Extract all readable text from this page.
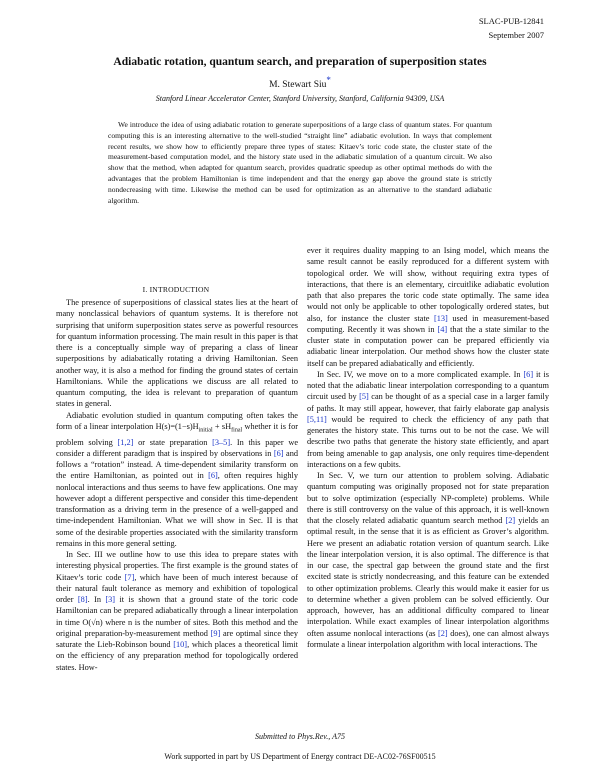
SLAC-PUB-12841
September 2007
Adiabatic rotation, quantum search, and preparation of superposition states
M. Stewart Siu*
Stanford Linear Accelerator Center, Stanford University, Stanford, California 94309, USA

We introduce the idea of using adiabatic rotation to generate superpositions of a large class of quantum states. For quantum computing this is an interesting alternative to the well-studied “straight line” adiabatic evolution. In ways that complement recent results, we show how to efficiently prepare three types of states: Kitaev’s toric code state, the cluster state of the measurement-based computation model, and the history state used in the adiabatic simulation of a quantum circuit. We also show that the method, when adapted for quantum search, provides quadratic speedup as other optimal methods do with the advantages that the problem Hamiltonian is time independent and that the energy gap above the ground state is strictly nondecreasing with time. Likewise the method can be used for optimization as an alternative to the standard adiabatic algorithm.

I. INTRODUCTION

The presence of superpositions of classical states lies at the heart of many nonclassical behaviors of quantum systems. It is therefore not surprising that uniform superposition states serve as powerful resources for quantum information processing. The main result in this paper is that there is a conceptually simple way of preparing a class of linear superpositions by adiabatically rotating a driving Hamiltonian. Seen another way, it is also a method for finding the ground states of certain Hamiltonians. While the applications we discuss are all related to quantum computing, the idea is relevant to preparation of quantum states in general.

Adiabatic evolution studied in quantum computing often takes the form of a linear interpolation $H(s)=(1-s)H_{initial} + sH_{final}$ whether it is for problem solving [1,2] or state preparation [3–5]. In this paper we consider a different paradigm that is inspired by observations in [6] and follows a “rotation” instead. A time-dependent similarity transform on the entire Hamiltonian, as pointed out in [6], often requires highly nonlocal interactions and thus seems to have few applications. One may however adopt a different perspective and consider this time-dependent transformation as a driving term in the presence of a well-gapped and time-independent Hamiltonian. What we will show in Sec. II is that some of the desirable properties associated with the similarity transform remains in this more general setting.

In Sec. III we outline how to use this idea to prepare states with interesting physical properties. The first example is the ground states of Kitaev’s toric code [7], which have been of much interest because of their natural fault tolerance as memory and exhibition of topological order [8]. In [3] it is shown that a ground state of the toric code Hamiltonian can be prepared adiabatically through a linear interpolation in time O(√n) where n is the number of sites. Both this method and the original preparation-by-measurement method [9] are optimal since they saturate the Lieb-Robinson bound [10], which places a theoretical limit on the efficiency of any preparation method for topologically ordered states. How-

ever it requires duality mapping to an Ising model, which means the same result cannot be easily reproduced for a different system with topological order. We will show, without requiring extra types of interactions, that there is an elementary, circuitlike adiabatic evolution path that also prepares the toric code state optimally. The same idea would not only be applicable to other topologically ordered states, but also, for instance the cluster state [13] used in measurement-based computing. Recently it was shown in [4] that the a state similar to the cluster state in computation power can be prepared efficiently via adiabatic linear interpolation. Our method shows how the cluster state itself can be prepared adiabatically and efficiently.

In Sec. IV, we move on to a more complicated example. In [6] it is noted that the adiabatic linear interpolation corresponding to a quantum circuit used by [5] can be thought of as a special case in a larger family of paths. It may still appear, however, that fairly elaborate gap analysis [5,11] would be required to check the efficiency of any path that generates the history state. This turns out to be not the case. We will describe two paths that generate the history state efficiently, and apart from being amenable to gap analysis, one only requires time-dependent interactions on a few qubits.

In Sec. V, we turn our attention to problem solving. Adiabatic quantum computing was originally proposed not for state preparation but to solve optimization (especially NP-complete) problems. While there is still controversy on the value of this approach, it is well-known that the closely related adiabatic quantum search method [2] yields an optimal result, in the sense that it is as efficient as Grover’s algorithm. Here we present an adiabatic rotation version of quantum search. Like the linear interpolation version, it is also optimal. The difference is that in our case, the spectral gap between the ground state and the first excited state is strictly nondecreasing, and this feature can be extended to other optimization problems. Clearly this would make it easier for us to determine whether a given problem can be solved efficiently. Our approach, however, has an additional difficulty compared to linear interpolation. While exact examples of linear interpolation algorithms often assume nonlocal interactions (as [2] does), one can almost always formulate a linear interpolation algorithm with local interactions. The

Submitted to Phys.Rev., A75
Work supported in part by US Department of Energy contract DE-AC02-76SF00515
